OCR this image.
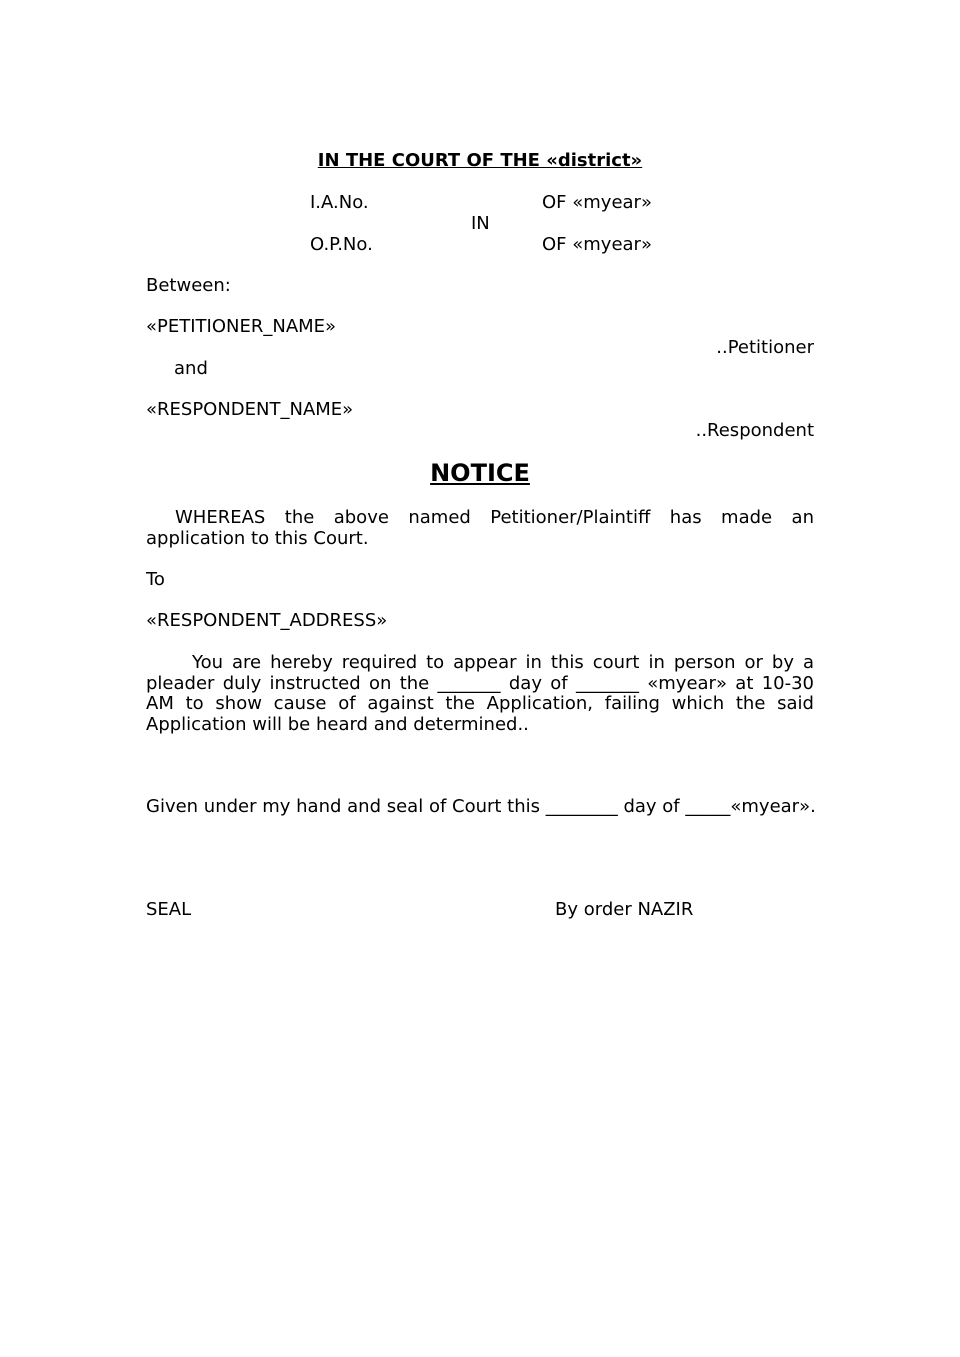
IN THE COURT OF THE «district»
I.A.No.	OF «myear»
IN
O.P.No.	OF «myear»
Between:
«PETITIONER_NAME»
..Petitioner
and
«RESPONDENT_NAME»
..Respondent
NOTICE
WHEREAS the above named Petitioner/Plaintiff has made an application to this Court.
To
«RESPONDENT_ADDRESS»
You are hereby required to appear in this court in person or by a pleader duly instructed on the _______ day of _______ «myear» at 10-30 AM to show cause of against the Application, failing which the said Application will be heard and determined..
Given under my hand and seal of Court this ________ day of _____«myear».
SEAL	By order NAZIR
